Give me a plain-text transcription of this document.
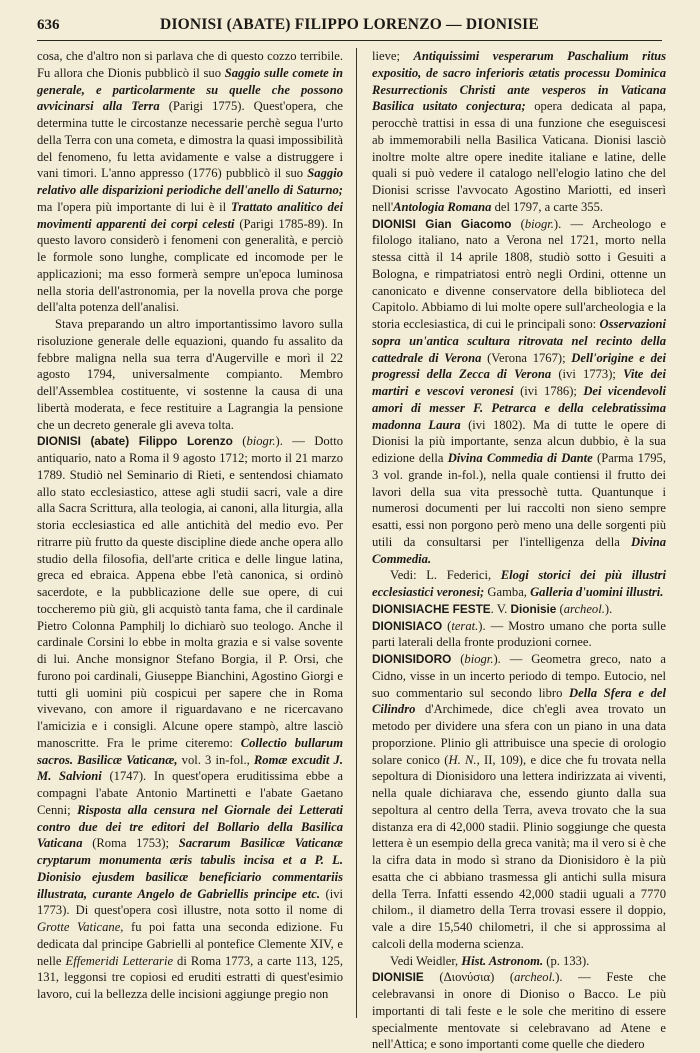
636	DIONISI (ABATE) FILIPPO LORENZO — DIONISIE

cosa, che d'altro non si parlava che di questo cozzo terribile. Fu allora che Dionis pubblicò il suo Saggio sulle comete in generale, e particolarmente su quelle che possono avvicinarsi alla Terra (Parigi 1775). Quest'opera, che determina tutte le circostanze necessarie perchè segua l'urto della Terra con una cometa, e dimostra la quasi impossibilità del fenomeno, fu letta avidamente e valse a distruggere i vani timori. L'anno appresso (1776) pubblicò il suo Saggio relativo alle disparizioni periodiche dell'anello di Saturno; ma l'opera più importante di lui è il Trattato analitico dei movimenti apparenti dei corpi celesti (Parigi 1785-89). In questo lavoro considerò i fenomeni con generalità, e perciò le formole sono lunghe, complicate ed incomode per le applicazioni; ma esso formerà sempre un'epoca luminosa nella storia dell'astronomia, per la novella prova che porge dell'alta potenza dell'analisi.

Stava preparando un altro importantissimo lavoro sulla risoluzione generale delle equazioni, quando fu assalito da febbre maligna nella sua terra d'Augerville e morì il 22 agosto 1794, universalmente compianto. Membro dell'Assemblea costituente, vi sostenne la causa di una libertà moderata, e fece restituire a Lagrangia la pensione che un decreto generale gli aveva tolta.

DIONISI (abate) Filippo Lorenzo (biogr.). — Dotto antiquario, nato a Roma il 9 agosto 1712; morto il 21 marzo 1789. Studiò nel Seminario di Rieti, e sentendosi chiamato allo stato ecclesiastico, attese agli studii sacri, vale a dire alla Sacra Scrittura, alla teologia, ai canoni, alla liturgia, alla storia ecclesiastica ed alle antichità del medio evo. Per ritrarre più frutto da queste discipline diede anche opera allo studio della filosofia, dell'arte critica e delle lingue latina, greca ed ebraica. Appena ebbe l'età canonica, si ordinò sacerdote, e la pubblicazione delle sue opere, di cui toccheremo più giù, gli acquistò tanta fama, che il cardinale Pietro Colonna Pamphilj lo dichiarò suo teologo. Anche il cardinale Corsini lo ebbe in molta grazia e si valse sovente di lui. Anche monsignor Stefano Borgia, il P. Orsi, che furono poi cardinali, Giuseppe Bianchini, Agostino Giorgi e tutti gli uomini più cospicui per sapere che in Roma vivevano, con amore il riguardavano e ne ricercavano l'amicizia e i consigli. Alcune opere stampò, altre lasciò manoscritte. Fra le prime citeremo: Collectio bullarum sacros. Basilicæ Vaticanæ, vol. 3 in-fol., Romæ excudit J. M. Salvioni (1747). In quest'opera eruditissima ebbe a compagni l'abate Antonio Martinetti e l'abate Gaetano Cenni; Risposta alla censura nel Giornale dei Letterati contro due dei tre editori del Bollario della Basilica Vaticana (Roma 1753); Sacrarum Basilicæ Vaticanæ cryptarum monumenta æris tabulis incisa et a P. L. Dionisio ejusdem basilicæ beneficiario commentariis illustrata, curante Angelo de Gabriellis principe etc. (ivi 1773). Di quest'opera così illustre, nota sotto il nome di Grotte Vaticane, fu poi fatta una seconda edizione. Fu dedicata dal principe Gabrielli al pontefice Clemente XIV, e nelle Effemeridi Letterarie di Roma 1773, a carte 113, 125, 131, leggonsi tre copiosi ed eruditi estratti di quest'esimio lavoro, cui la bellezza delle incisioni aggiunge pregio non

lieve; Antiquissimi vesperarum Paschalium ritus expositio, de sacro inferioris ætatis processu Dominica Resurrectionis Christi ante vesperos in Vaticana Basilica usitato conjectura; opera dedicata al papa, perocchè trattisi in essa di una funzione che eseguiscesi ab immemorabili nella Basilica Vaticana. Dionisi lasciò inoltre molte altre opere inedite italiane e latine, delle quali si può vedere il catalogo nell'elogio latino che del Dionisi scrisse l'avvocato Agostino Mariotti, ed inserì nell'Antologia Romana del 1797, a carte 355.

DIONISI Gian Giacomo (biogr.). — Archeologo e filologo italiano, nato a Verona nel 1721, morto nella stessa città il 14 aprile 1808, studiò sotto i Gesuiti a Bologna, e rimpatriatosi entrò negli Ordini, ottenne un canonicato e divenne conservatore della biblioteca del Capitolo. Abbiamo di lui molte opere sull'archeologia e la storia ecclesiastica, di cui le principali sono: Osservazioni sopra un'antica scultura ritrovata nel recinto della cattedrale di Verona (Verona 1767); Dell'origine e dei progressi della Zecca di Verona (ivi 1773); Vite dei martiri e vescovi veronesi (ivi 1786); Dei vicendevoli amori di messer F. Petrarca e della celebratissima madonna Laura (ivi 1802). Ma di tutte le opere di Dionisi la più importante, senza alcun dubbio, è la sua edizione della Divina Commedia di Dante (Parma 1795, 3 vol. grande in-fol.), nella quale contiensi il frutto dei lavori della sua vita pressochè tutta. Quantunque i numerosi documenti per lui raccolti non sieno sempre esatti, essi non porgono però meno una delle sorgenti più utili da consultarsi per l'intelligenza della Divina Commedia.

Vedi: L. Federici, Elogi storici dei più illustri ecclesiastici veronesi; Gamba, Galleria d'uomini illustri.

DIONISIACHE FESTE. V. Dionisie (archeol.).

DIONISIACO (terat.). — Mostro umano che porta sulle parti laterali della fronte produzioni cornee.

DIONISIDORO (biogr.). — Geometra greco, nato a Cidno, visse in un incerto periodo di tempo. Eutocio, nel suo commentario sul secondo libro Della Sfera e del Cilindro d'Archimede, dice ch'egli avea trovato un metodo per dividere una sfera con un piano in una data proporzione. Plinio gli attribuisce una specie di orologio solare conico (H. N., II, 109), e dice che fu trovata nella sepoltura di Dionisidoro una lettera indirizzata ai viventi, nella quale dichiarava che, essendo giunto dalla sua sepoltura al centro della Terra, aveva trovato che la sua distanza era di 42,000 stadii. Plinio soggiunge che questa lettera è un esempio della greca vanità; ma il vero si è che la cifra data in modo sì strano da Dionisidoro è la più esatta che ci abbiano trasmessa gli antichi sulla misura della Terra. Infatti essendo 42,000 stadii uguali a 7770 chilom., il diametro della Terra trovasi essere il doppio, vale a dire 15,540 chilometri, il che si approssima al calcoli della moderna scienza.

Vedi Weidler, Hist. Astronom. (p. 133).

DIONISIE (Διονύσια) (archeol.). — Feste che celebravansi in onore di Dioniso o Bacco. Le più importanti di tali feste e le sole che meritino di essere specialmente mentovate si celebravano ad Atene e nell'Attica; e sono importanti come quelle che diedero
